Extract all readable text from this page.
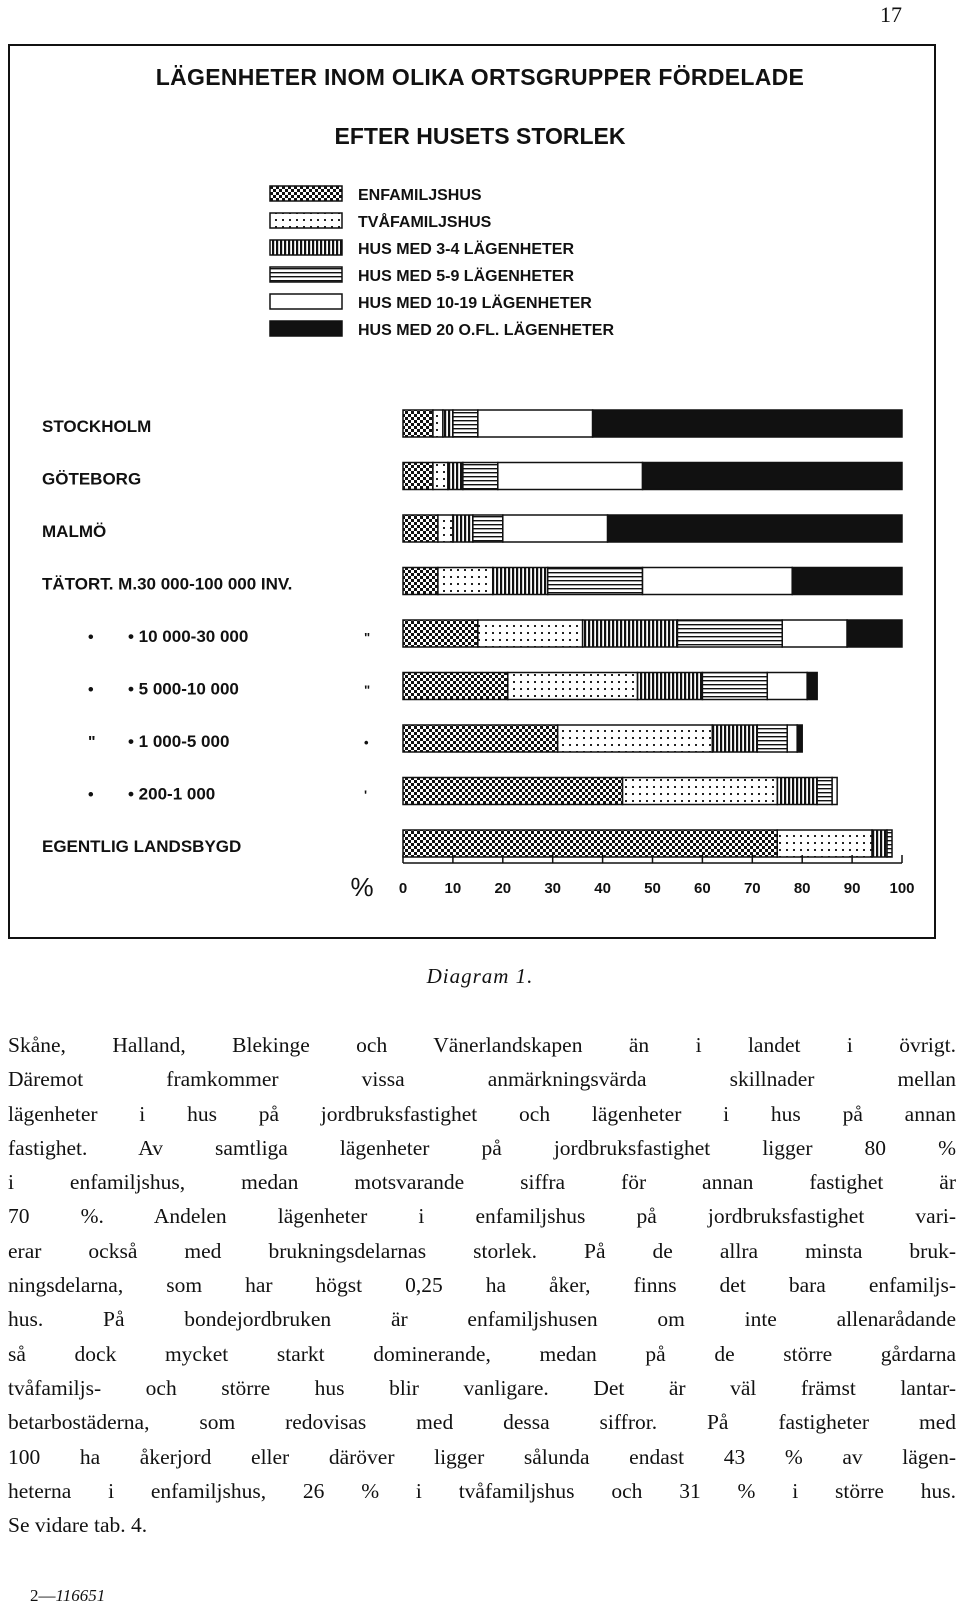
17
LÄGENHETER INOM OLIKA ORTSGRUPPER FÖRDELADE
EFTER HUSETS STORLEK
ENFAMILJSHUS
TVÅFAMILJSHUS
HUS MED 3-4 LÄGENHETER
HUS MED 5-9 LÄGENHETER
HUS MED 10-19 LÄGENHETER
HUS MED 20 O.FL. LÄGENHETER
STOCKHOLM
GÖTEBORG
MALMÖ
TÄTORT. M.30 000-100 000 INV.
•	"
• 10 000-30 000
•	"
• 5 000-10 000
"	•
• 1 000-5 000
•	'
• 200-1 000
EGENTLIG LANDSBYGD
0 10 20 30 40 50 60 70 80 90 100
%
Diagram 1.
Skåne, Halland, Blekinge och Vänerlandskapen än i landet i övrigt.
Däremot framkommer vissa anmärkningsvärda skillnader mellan
lägenheter i hus på jordbruksfastighet och lägenheter i hus på annan
fastighet. Av samtliga lägenheter på jordbruksfastighet ligger 80 %
i enfamiljshus, medan motsvarande siffra för annan fastighet är
70 %. Andelen lägenheter i enfamiljshus på jordbruksfastighet vari-
erar också med brukningsdelarnas storlek. På de allra minsta bruk-
ningsdelarna, som har högst 0,25 ha åker, finns det bara enfamiljs-
hus. På bondejordbruken är enfamiljshusen om inte allenarådande
så dock mycket starkt dominerande, medan på de större gårdarna
tvåfamiljs- och större hus blir vanligare. Det är väl främst lantar-
betarbostäderna, som redovisas med dessa siffror. På fastigheter med
100 ha åkerjord eller däröver ligger sålunda endast 43 % av lägen-
heterna i enfamiljshus, 26 % i tvåfamiljshus och 31 % i större hus.
Se vidare tab. 4.
2—116651
